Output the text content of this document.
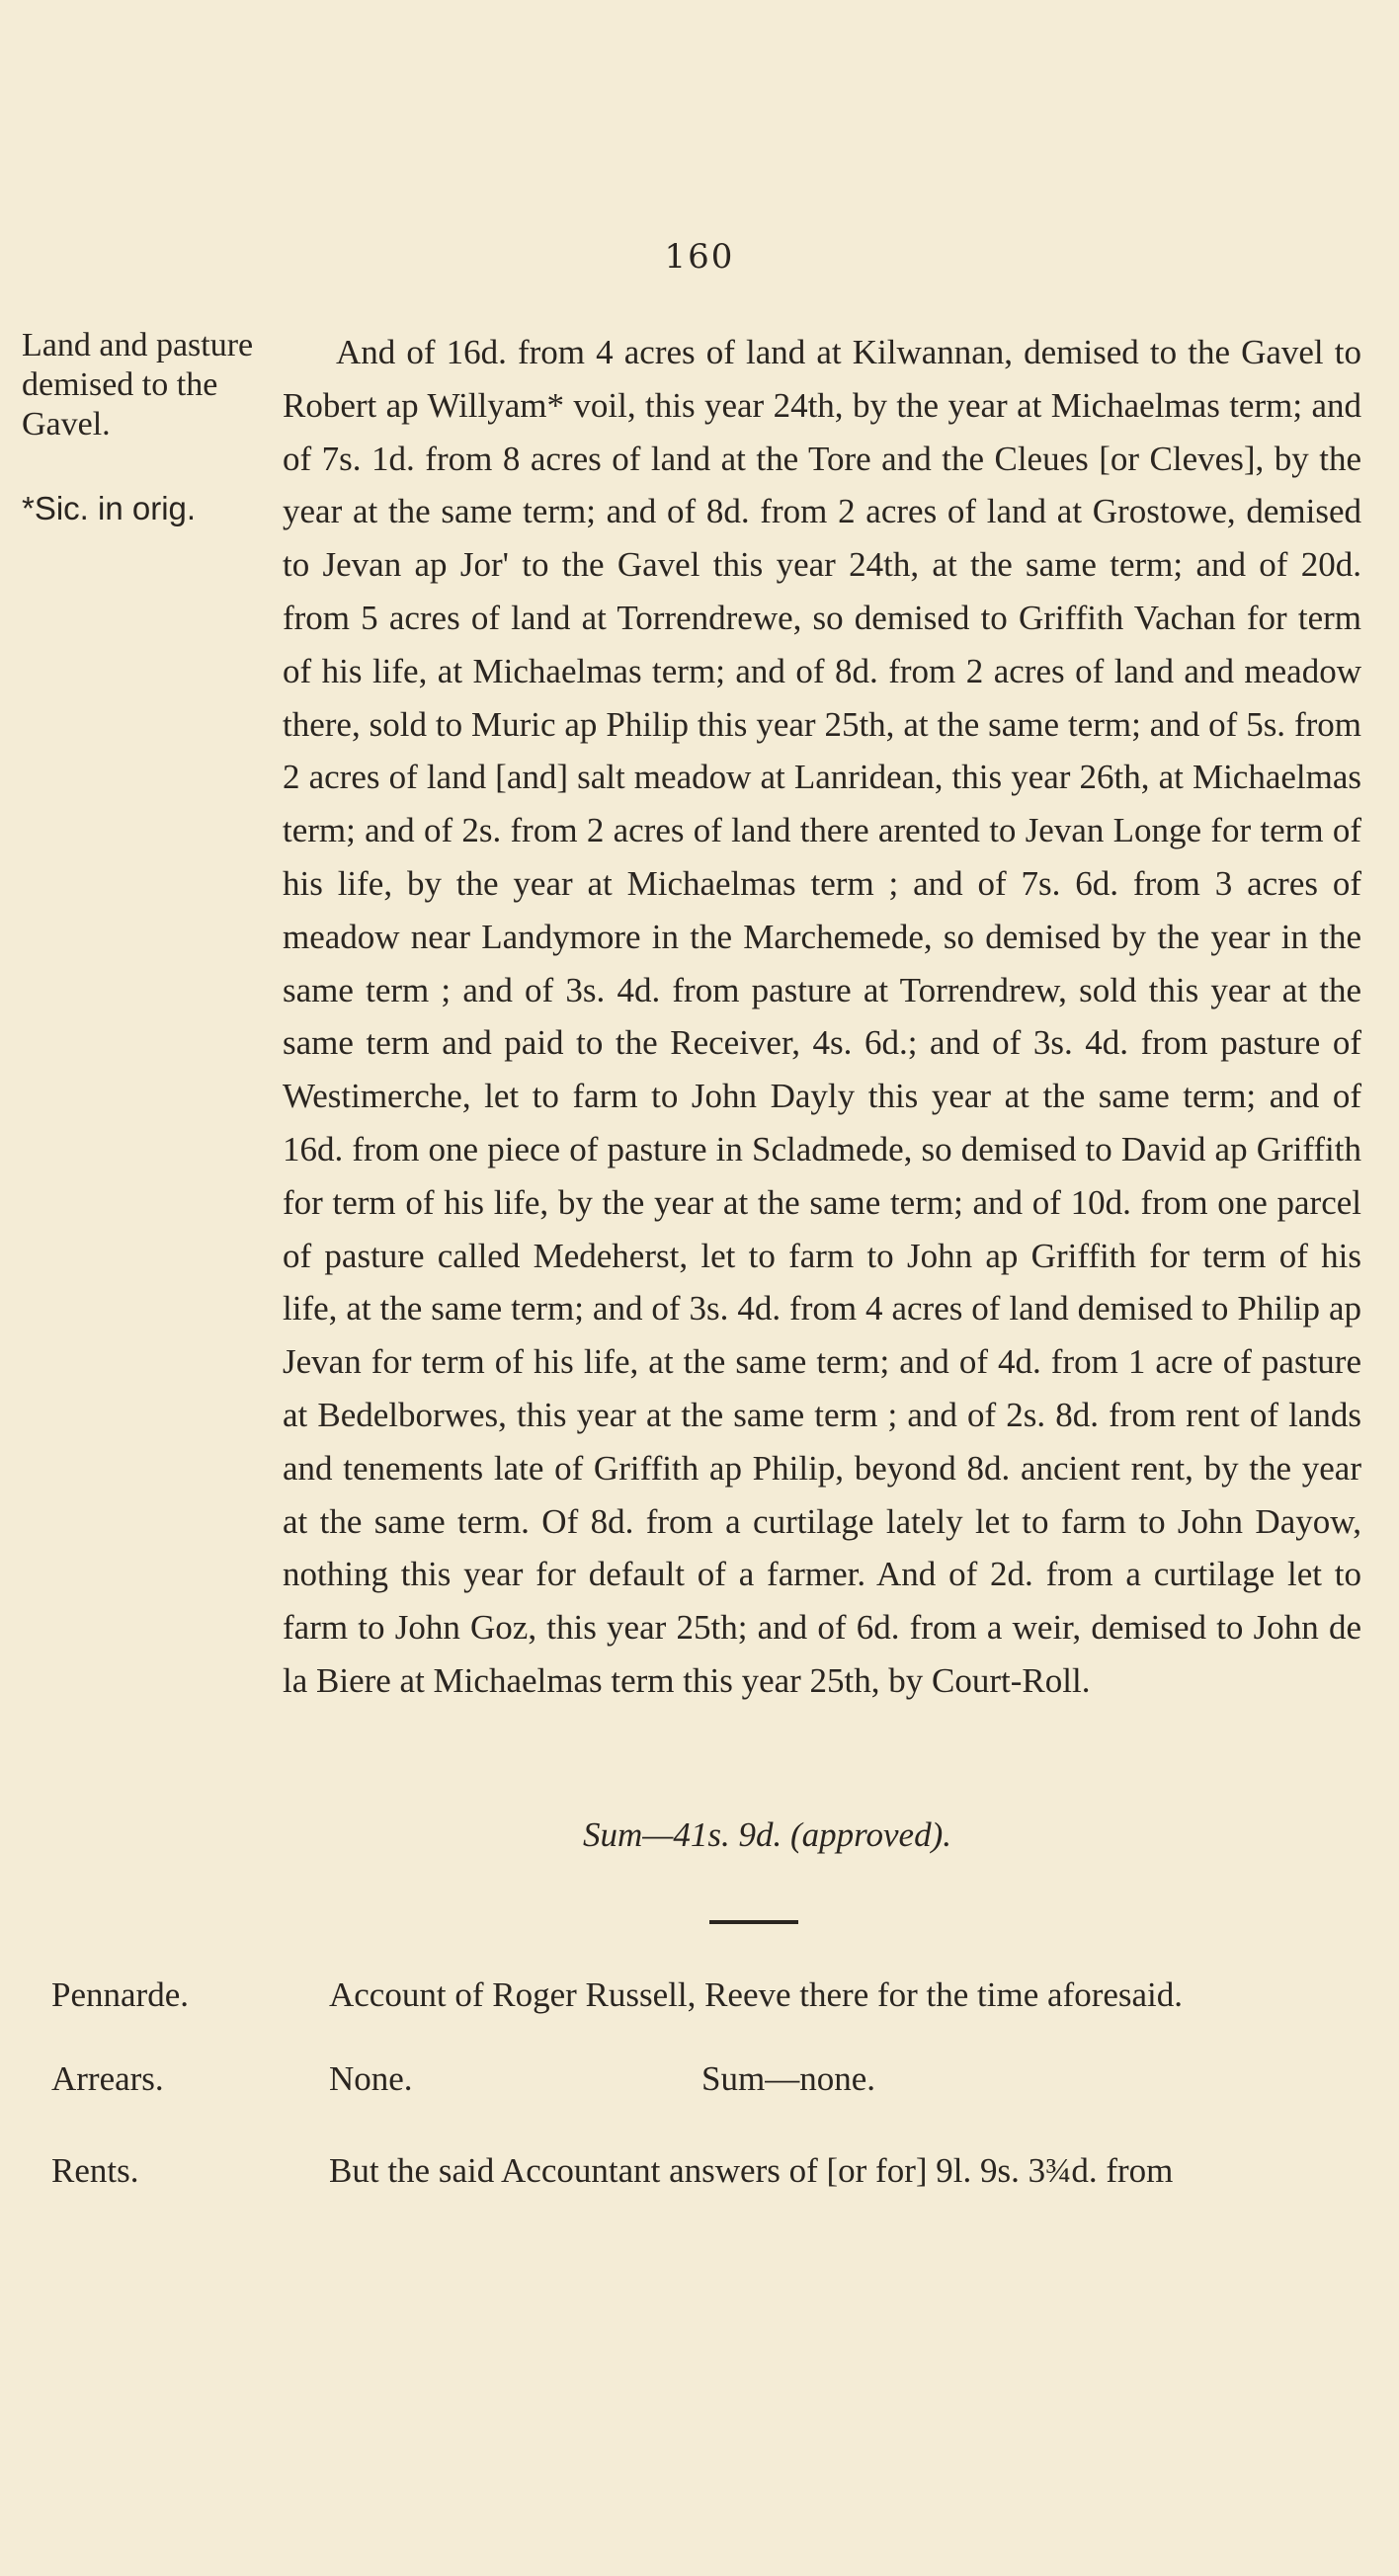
160
Land and pasture demised to the Gavel.
*Sic. in orig.
And of 16d. from 4 acres of land at Kilwannan, demised to the Gavel to Robert ap Willyam* voil, this year 24th, by the year at Michaelmas term; and of 7s. 1d. from 8 acres of land at the Tore and the Cleues [or Cleves], by the year at the same term; and of 8d. from 2 acres of land at Grostowe, demised to Jevan ap Jor' to the Gavel this year 24th, at the same term; and of 20d. from 5 acres of land at Torrendrewe, so demised to Griffith Vachan for term of his life, at Michaelmas term; and of 8d. from 2 acres of land and meadow there, sold to Muric ap Philip this year 25th, at the same term; and of 5s. from 2 acres of land [and] salt meadow at Lanridean, this year 26th, at Michaelmas term; and of 2s. from 2 acres of land there arented to Jevan Longe for term of his life, by the year at Michaelmas term ; and of 7s. 6d. from 3 acres of meadow near Landymore in the Marchemede, so demised by the year in the same term ; and of 3s. 4d. from pasture at Torrendrew, sold this year at the same term and paid to the Receiver, 4s. 6d.; and of 3s. 4d. from pasture of Westimerche, let to farm to John Dayly this year at the same term; and of 16d. from one piece of pasture in Scladmede, so demised to David ap Griffith for term of his life, by the year at the same term; and of 10d. from one parcel of pasture called Medeherst, let to farm to John ap Griffith for term of his life, at the same term; and of 3s. 4d. from 4 acres of land demised to Philip ap Jevan for term of his life, at the same term; and of 4d. from 1 acre of pasture at Bedelborwes, this year at the same term ; and of 2s. 8d. from rent of lands and tenements late of Griffith ap Philip, beyond 8d. ancient rent, by the year at the same term. Of 8d. from a curtilage lately let to farm to John Dayow, nothing this year for default of a farmer. And of 2d. from a curtilage let to farm to John Goz, this year 25th; and of 6d. from a weir, demised to John de la Biere at Michaelmas term this year 25th, by Court-Roll.
Sum—41s. 9d. (approved).
Pennarde.	Account of Roger Russell, Reeve there for the time aforesaid.
Arrears.	None.	Sum—none.
Rents.	But the said Accountant answers of [or for] 9l. 9s. 3¾d. from
